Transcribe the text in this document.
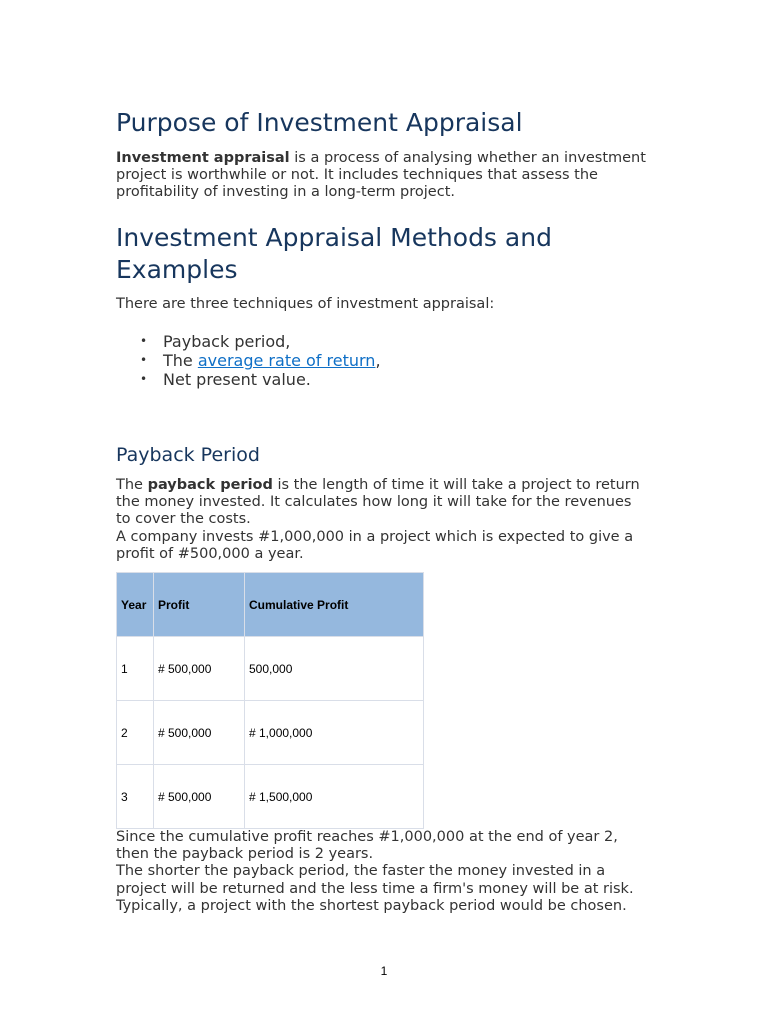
Purpose of Investment Appraisal

Investment appraisal is a process of analysing whether an investment project is worthwhile or not. It includes techniques that assess the profitability of investing in a long-term project.

Investment Appraisal Methods and Examples

There are three techniques of investment appraisal:

• Payback period,
• The average rate of return,
• Net present value.
Payback Period

The payback period is the length of time it will take a project to return the money invested. It calculates how long it will take for the revenues to cover the costs.
A company invests #1,000,000 in a project which is expected to give a profit of #500,000 a year.

Year	Profit	Cumulative Profit
1	# 500,000	500,000
2	# 500,000	# 1,000,000
3	# 500,000	# 1,500,000

Since the cumulative profit reaches #1,000,000 at the end of year 2, then the payback period is 2 years.
The shorter the payback period, the faster the money invested in a project will be returned and the less time a firm's money will be at risk. Typically, a project with the shortest payback period would be chosen.

1
